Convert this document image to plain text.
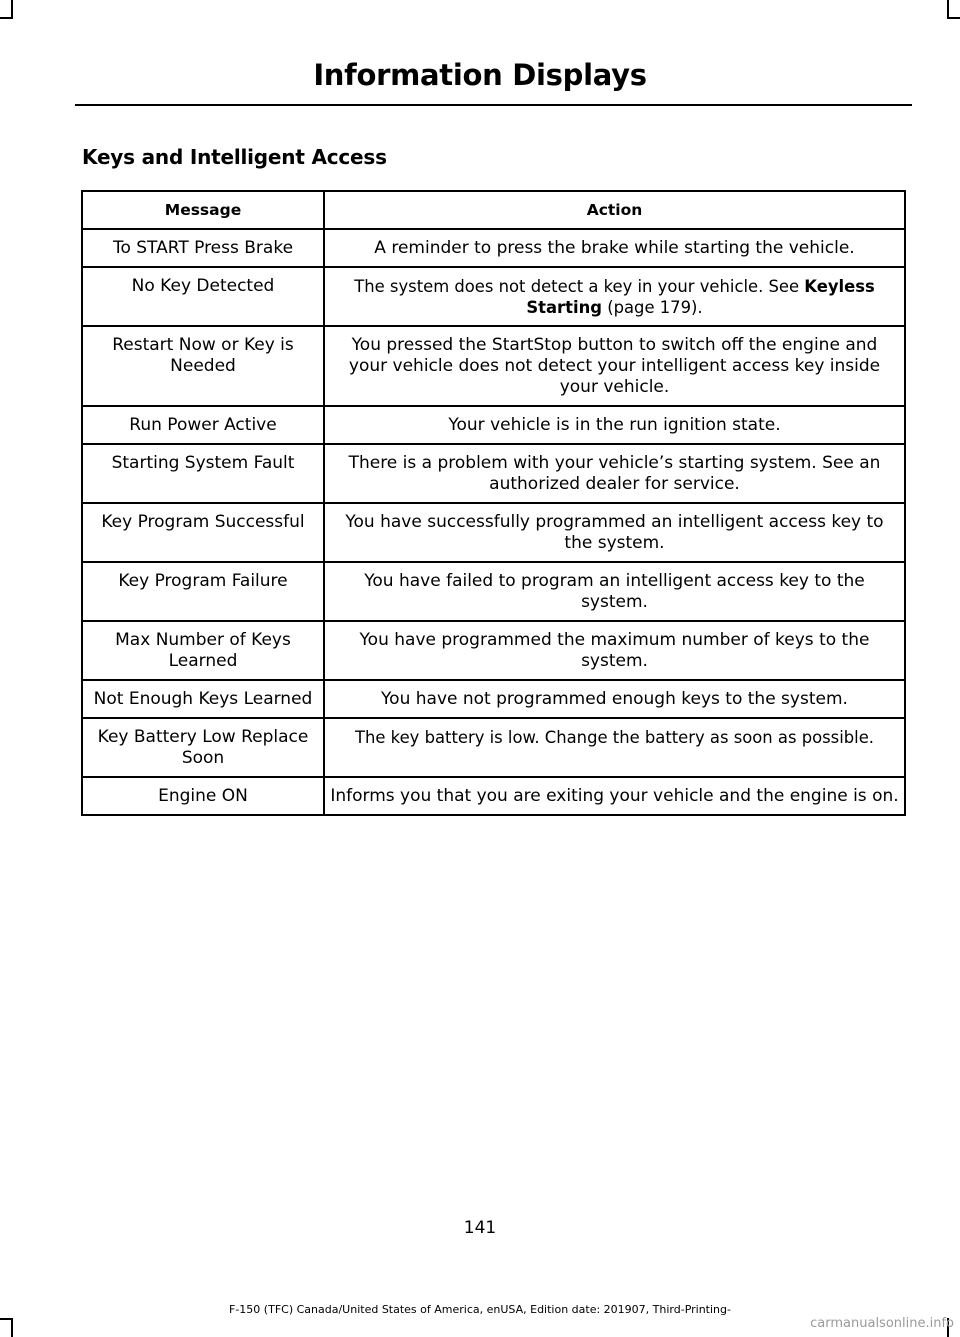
Information Displays
Keys and Intelligent Access
Message	Action
To START Press Brake	A reminder to press the brake while starting the vehicle.
No Key Detected	The system does not detect a key in your vehicle. See Keyless Starting (page 179).
Restart Now or Key is Needed	You pressed the StartStop button to switch off the engine and your vehicle does not detect your intelligent access key inside your vehicle.
Run Power Active	Your vehicle is in the run ignition state.
Starting System Fault	There is a problem with your vehicle’s starting system. See an authorized dealer for service.
Key Program Successful	You have successfully programmed an intelligent access key to the system.
Key Program Failure	You have failed to program an intelligent access key to the system.
Max Number of Keys Learned	You have programmed the maximum number of keys to the system.
Not Enough Keys Learned	You have not programmed enough keys to the system.
Key Battery Low Replace Soon	The key battery is low. Change the battery as soon as possible.
Engine ON	Informs you that you are exiting your vehicle and the engine is on.
141
F-150 (TFC) Canada/United States of America, enUSA, Edition date: 201907, Third-Printing-
carmanualsonline.info
